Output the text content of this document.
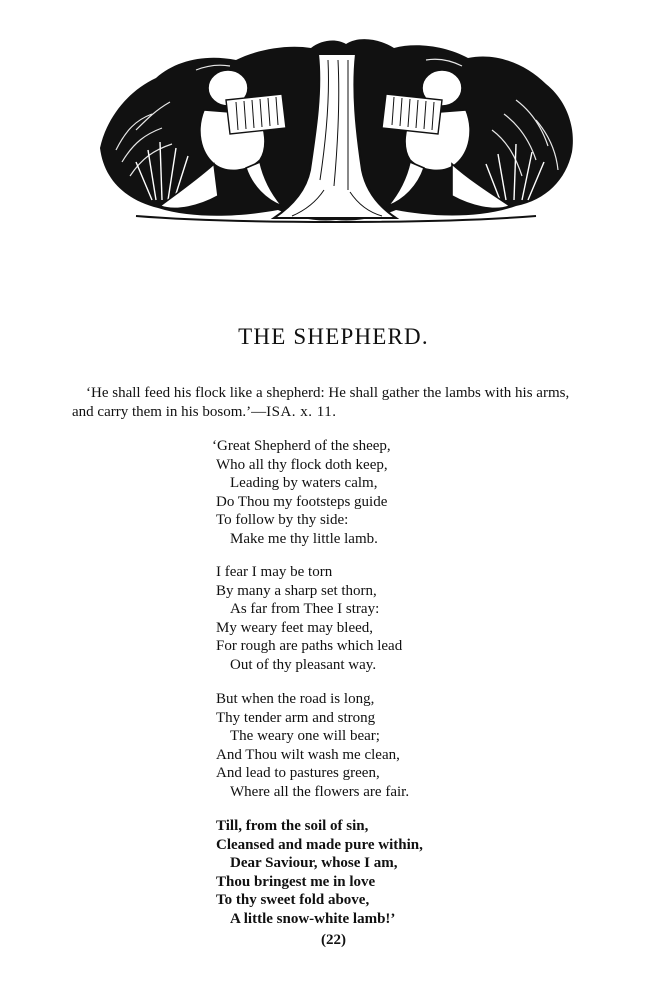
THE SHEPHERD.
‘He shall feed his flock like a shepherd: He shall gather the lambs with his arms, and carry them in his bosom.’—ISA. x. 11.
‘Great Shepherd of the sheep,
Who all thy flock doth keep,
Leading by waters calm,
Do Thou my footsteps guide
To follow by thy side:
Make me thy little lamb.
I fear I may be torn
By many a sharp set thorn,
As far from Thee I stray:
My weary feet may bleed,
For rough are paths which lead
Out of thy pleasant way.
But when the road is long,
Thy tender arm and strong
The weary one will bear;
And Thou wilt wash me clean,
And lead to pastures green,
Where all the flowers are fair.
Till, from the soil of sin,
Cleansed and made pure within,
Dear Saviour, whose I am,
Thou bringest me in love
To thy sweet fold above,
A little snow-white lamb!’
(22)
